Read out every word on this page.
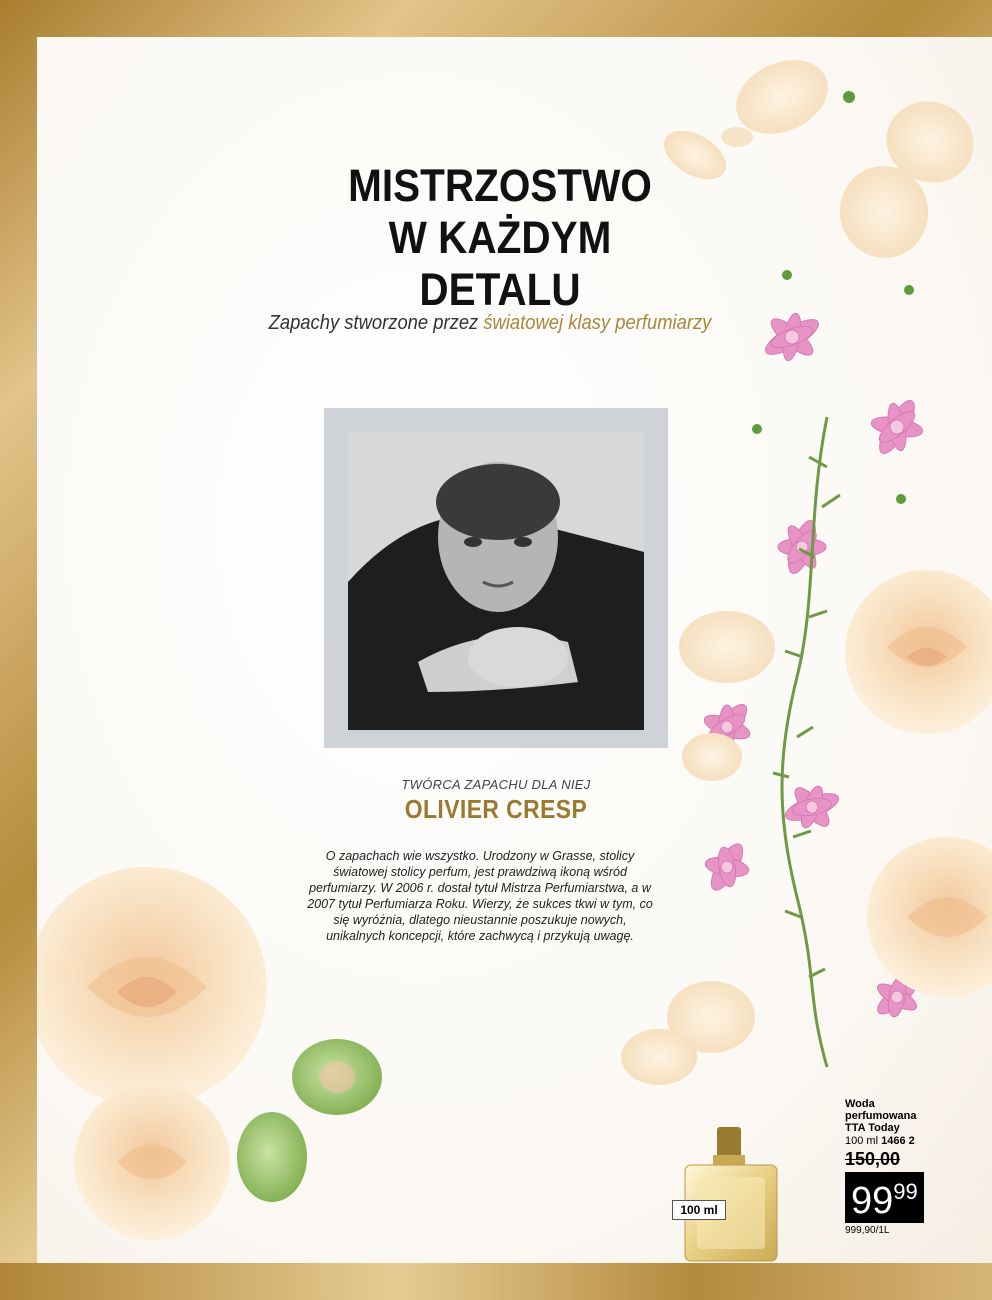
MISTRZOSTWO
W KAŻDYM
DETALU
Zapachy stworzone przez światowej klasy perfumiarzy
TWÓRCA ZAPACHU DLA NIEJ
OLIVIER CRESP
O zapachach wie wszystko. Urodzony w Grasse, stolicy światowej stolicy perfum, jest prawdziwą ikoną wśród perfumiarzy. W 2006 r. dostał tytuł Mistrza Perfumiarstwa, a w 2007 tytuł Perfumiarza Roku. Wierzy, że sukces tkwi w tym, co się wyróżnia, dlatego nieustannie poszukuje nowych, unikalnych koncepcji, które zachwycą i przykują uwagę.
100 ml
Woda
perfumowana
TTA Today
100 ml 1466 2
150,00
$99^{99}$
999,90/1L
